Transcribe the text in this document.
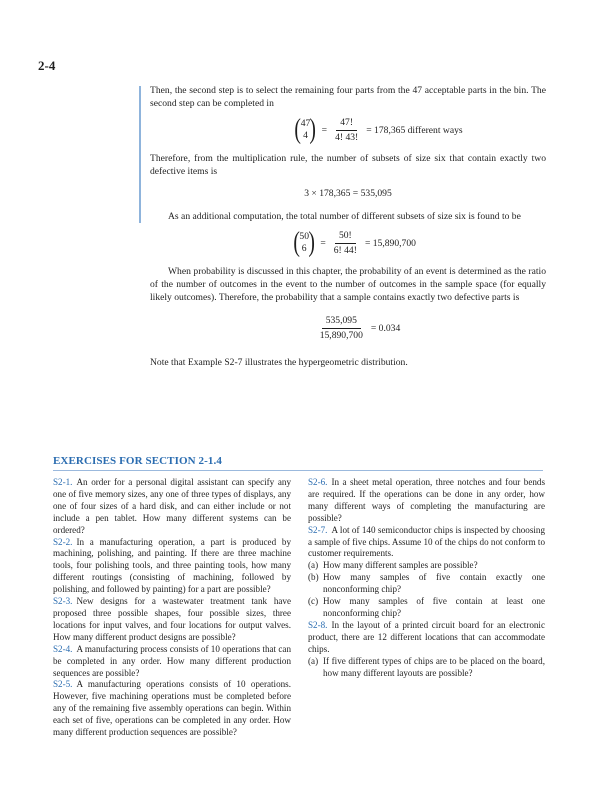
2-4

Then, the second step is to select the remaining four parts from the 47 acceptable parts in the bin. The second step can be completed in

( 47
4 ) = $\frac{47!}{4! 43!} = 178,365$ different ways

Therefore, from the multiplication rule, the number of subsets of size six that contain exactly two defective items is

3 × 178,365 = 535,095

As an additional computation, the total number of different subsets of size six is found to be

( 50
6 ) = $\frac{50!}{6! 44!} = 15,890,700$

When probability is discussed in this chapter, the probability of an event is determined as the ratio of the number of outcomes in the event to the number of outcomes in the sample space (for equally likely outcomes). Therefore, the probability that a sample contains exactly two defective parts is

$\frac{535,095}{15,890,700} = 0.034$

Note that Example S2-7 illustrates the hypergeometric distribution.

EXERCISES FOR SECTION 2-1.4

S2-1. An order for a personal digital assistant can specify any one of five memory sizes, any one of three types of displays, any one of four sizes of a hard disk, and can either include or not include a pen tablet. How many different systems can be ordered?

S2-2. In a manufacturing operation, a part is produced by machining, polishing, and painting. If there are three machine tools, four polishing tools, and three painting tools, how many different routings (consisting of machining, followed by polishing, and followed by painting) for a part are possible?

S2-3. New designs for a wastewater treatment tank have proposed three possible shapes, four possible sizes, three locations for input valves, and four locations for output valves. How many different product designs are possible?

S2-4. A manufacturing process consists of 10 operations that can be completed in any order. How many different production sequences are possible?

S2-5. A manufacturing operations consists of 10 operations. However, five machining operations must be completed before any of the remaining five assembly operations can begin. Within each set of five, operations can be completed in any order. How many different production sequences are possible?

S2-6. In a sheet metal operation, three notches and four bends are required. If the operations can be done in any order, how many different ways of completing the manufacturing are possible?

S2-7. A lot of 140 semiconductor chips is inspected by choosing a sample of five chips. Assume 10 of the chips do not conform to customer requirements.

(a) How many different samples are possible?
(b) How many samples of five contain exactly one nonconforming chip?
(c) How many samples of five contain at least one nonconforming chip?

S2-8. In the layout of a printed circuit board for an electronic product, there are 12 different locations that can accommodate chips.

(a) If five different types of chips are to be placed on the board, how many different layouts are possible?
